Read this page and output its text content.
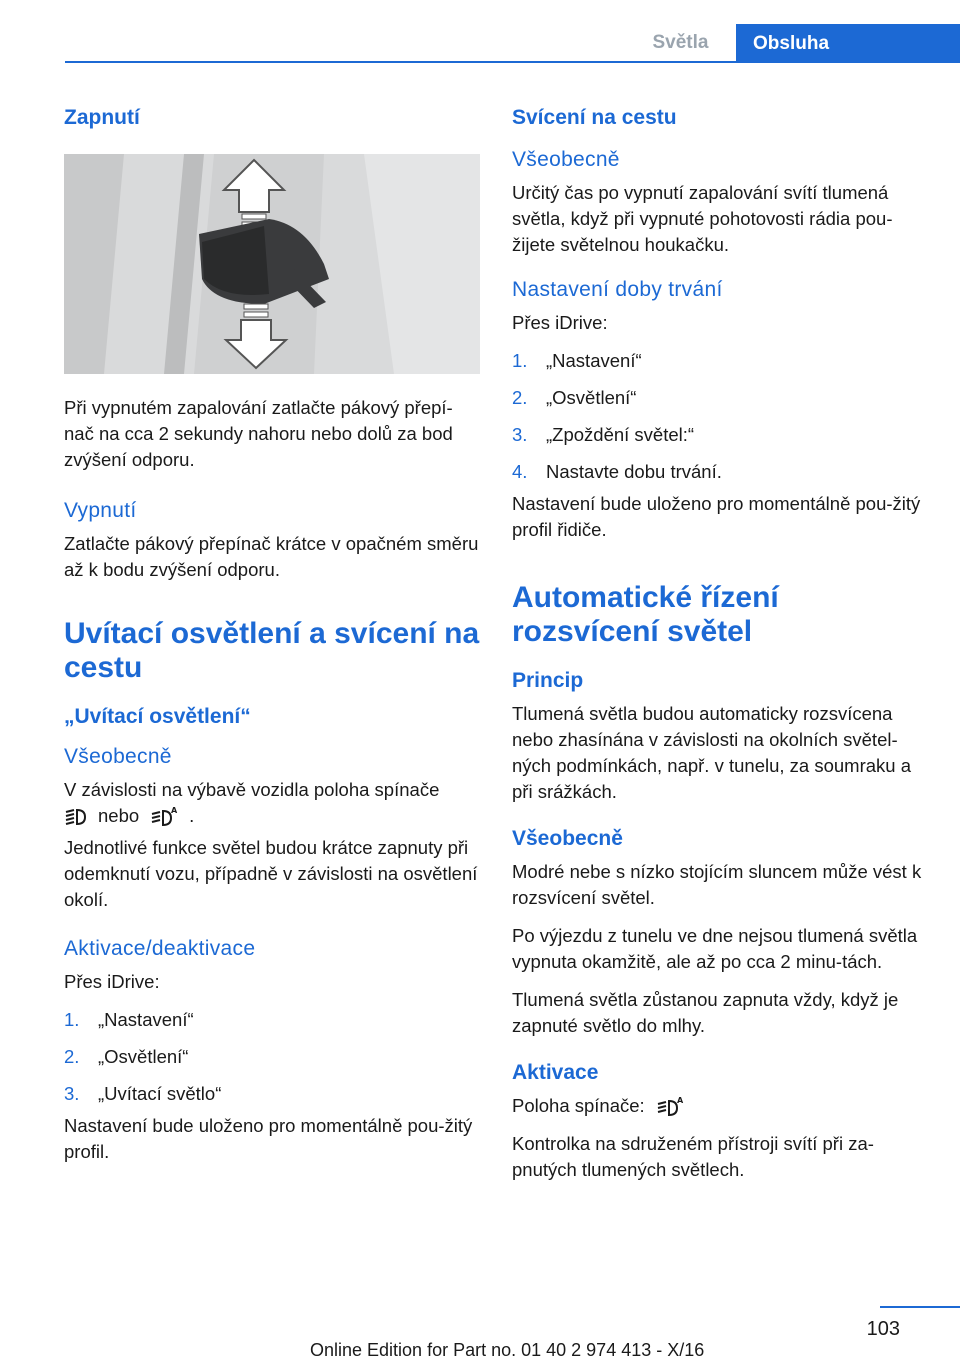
Světla	Obsluha
Zapnutí

Při vypnutém zapalování zatlačte pákový přepí-nač na cca 2 sekundy nahoru nebo dolů za bod zvýšení odporu.

Vypnutí

Zatlačte pákový přepínač krátce v opačném směru až k bodu zvýšení odporu.

Uvítací osvětlení a svícení na cestu
„Uvítací osvětlení“
Všeobecně

V závislosti na výbavě vozidla poloha spínače
nebo	A .

Jednotlivé funkce světel budou krátce zapnuty při odemknutí vozu, případně v závislosti na osvětlení okolí.

Aktivace/deaktivace

Přes iDrive:

1.	„Nastavení“
2.	„Osvětlení“
3.	„Uvítací světlo“

Nastavení bude uloženo pro momentálně pou-žitý profil.

Svícení na cestu
Všeobecně

Určitý čas po vypnutí zapalování svítí tlumená světla, když při vypnuté pohotovosti rádia pou-žijete světelnou houkačku.

Nastavení doby trvání

Přes iDrive:

1.	„Nastavení“
2.	„Osvětlení“
3.	„Zpoždění světel:“
4.	Nastavte dobu trvání.

Nastavení bude uloženo pro momentálně pou-žitý profil řidiče.

Automatické řízení rozsvícení světel
Princip

Tlumená světla budou automaticky rozsvícena nebo zhasínána v závislosti na okolních světel-ných podmínkách, např. v tunelu, za soumraku a při srážkách.

Všeobecně

Modré nebe s nízko stojícím sluncem může vést k rozsvícení světel.

Po výjezdu z tunelu ve dne nejsou tlumená světla vypnuta okamžitě, ale až po cca 2 minu-tách.

Tlumená světla zůstanou zapnuta vždy, když je zapnuté světlo do mlhy.

Aktivace

Poloha spínače:	A

Kontrolka na sdruženém přístroji svítí při za-pnutých tlumených světlech.

103
Online Edition for Part no. 01 40 2 974 413 - X/16
